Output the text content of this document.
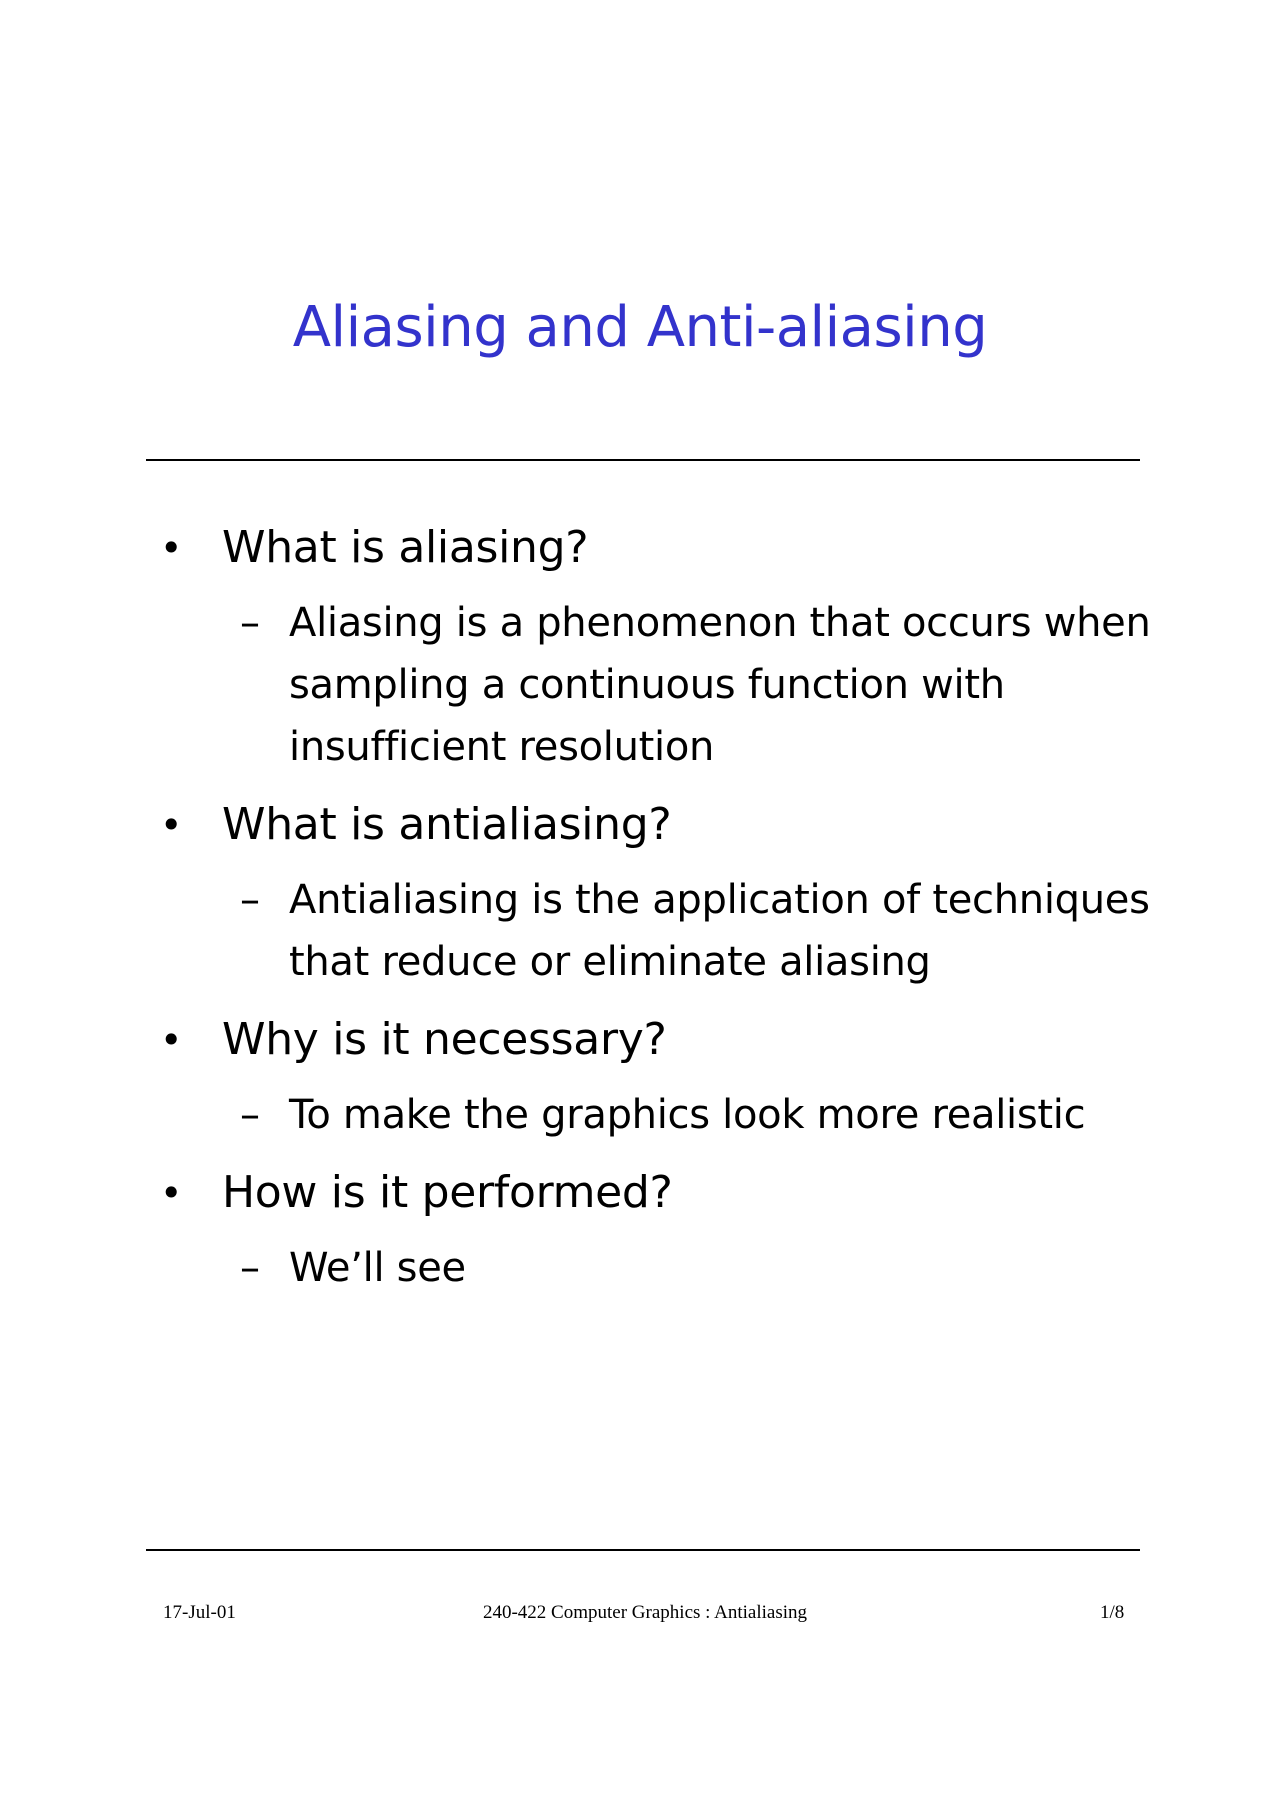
Aliasing and Anti-aliasing
• What is aliasing?
– Aliasing is a phenomenon that occurs when sampling a continuous function with insufficient resolution
• What is antialiasing?
– Antialiasing is the application of techniques that reduce or eliminate aliasing
• Why is it necessary?
– To make the graphics look more realistic
• How is it performed?
– We’ll see
17-Jul-01	240-422 Computer Graphics : Antialiasing	1/8
